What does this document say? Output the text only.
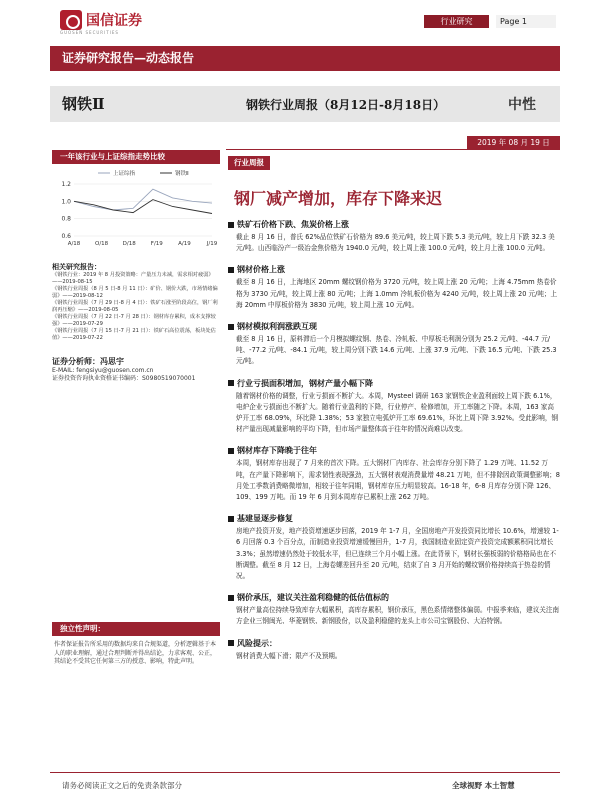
国信证券
GUOSEN SECURITIES
行业研究	Page 1
证券研究报告—动态报告
钢铁Ⅱ	钢铁行业周报（8月12日-8月18日）	中性
2019 年 08 月 19 日
一年该行业与上证综指走势比较
0.6
0.8
1.0
1.2
A/18	O/18	D/18	F/19	A/19	J/19
上证综指	钢铁Ⅱ
相关研究报告：
《钢铁行业：2019 年 8 月投资策略：产量压力未减，需求相对疲弱》——2019-08-15
《钢铁行业周报（8 月 5 日-8 月 11 日）：矿价、钢价大跌，市场情绪偏弱》——2019-08-12
《钢铁行业周报（7 月 29 日-8 月 4 日）：铁矿石涨至阶段高位，钢厂利润再压缩》——2019-08-05
《钢铁行业周报（7 月 22 日-7 月 28 日）：钢材库存累积，成本支撑较强》——2019-07-29
《钢铁行业周报（7 月 15 日-7 月 21 日）：铁矿石高位震荡，板块处估值》——2019-07-22
证券分析师：冯思宇
E-MAIL: fengsiyu@guosen.com.cn
证券投资咨询执业资格证书编码：S0980519070001
独立性声明：
作者保证报告所采用的数据均来自合规渠道，分析逻辑基于本人的职业理解，通过合理判断并得出结论，力求客观、公正，其结论不受其它任何第三方的授意、影响，特此声明。
行业周报
钢厂减产增加，库存下降来迟
铁矿石价格下跌、焦炭价格上涨
截止 8 月 16 日，普氏 62%品位铁矿石价格为 89.6 美元/吨，较上周下跌 5.3 美元/吨，较上月下跌 32.3 美元/吨。山西临汾产一级冶金焦价格为 1940.0 元/吨，较上周上涨 100.0 元/吨，较上月上涨 100.0 元/吨。
钢材价格上涨
截至 8 月 16 日，上海地区 20mm 螺纹钢价格为 3720 元/吨，较上周上涨 20 元/吨；上海 4.75mm 热卷价格为 3730 元/吨，较上周上涨 80 元/吨；上海 1.0mm 冷轧板价格为 4240 元/吨，较上周上涨 20 元/吨；上海 20mm 中厚板价格为 3830 元/吨，较上周上涨 10 元/吨。
钢材模拟利润涨跌互现
截至 8 月 16 日，原料滞后一个月模拟螺纹钢、热卷、冷轧板、中厚板毛利润分别为 25.2 元/吨、-44.7 元/吨、-77.2 元/吨、-84.1 元/吨，较上周分别下跌 14.6 元/吨、上涨 37.9 元/吨、下跌 16.5 元/吨、下跌 25.3 元/吨。
行业亏损面积增加，钢材产量小幅下降
随着钢材价格的调整，行业亏损面不断扩大。本周，Mysteel 调研 163 家钢铁企业盈利面较上周下跌 6.1%，电炉企业亏损面也不断扩大。随着行业盈利的下降，行业停产、检修增加，开工率随之下降。本周，163 家高炉开工率 68.09%，环比降 1.38%；53 家独立电弧炉开工率 69.61%，环比上周下降 3.92%。受此影响，钢材产量出现减量影响的平均下降，但市场产量整体高于往年的情况尚难以改变。
钢材库存下降晚于往年
本周，钢材库存出现了 7 月来的首次下降。五大钢材厂内库存、社会库存分别下降了 1.29 万吨、11.52 万吨，在产量下降影响下，需求韧性表现强劲，五大钢材表观消费量增 48.21 万吨，但不排除因政策调整影响；8 月处工季数消费略微增加，相较于往年同期，钢材库存压力明显较高。16-18 年，6-8 月库存分别下降 126、109、199 万吨。而 19 年 6 月到本周库存已累积上涨 262 万吨。
基建显逐步修复
房地产投资开发，地产投资增速逐步回落，2019 年 1-7 月，全国房地产开发投资同比增长 10.6%，增速较 1-6 月回落 0.3 个百分点，而制造业投资增速缓慢回升，1-7 月，我国制造业固定资产投资完成额累积同比增长 3.3%；虽然增速仍然处于较低水平，但已连续三个月小幅上涨。在此背景下，钢材长强板弱的价格格局也在不断调整。截至 8 月 12 日，上海卷螺差回升至 20 元/吨，结束了自 3 月开始的螺纹钢价格持续高于热卷的情况。
钢价承压，建议关注盈利稳健的低估值标的
钢材产量高位持续导致库存大幅累积，高库存累积，钢价承压，黑色系情绪整体偏弱。中报季来临，建议关注南方企业三钢闽光、华菱钢铁、新钢股份，以及盈利稳健的龙头上市公司宝钢股份、大冶特钢。
风险提示：
钢材消费大幅下滑；限产不及预期。
请务必阅读正文之后的免责条款部分	全球视野 本土智慧
